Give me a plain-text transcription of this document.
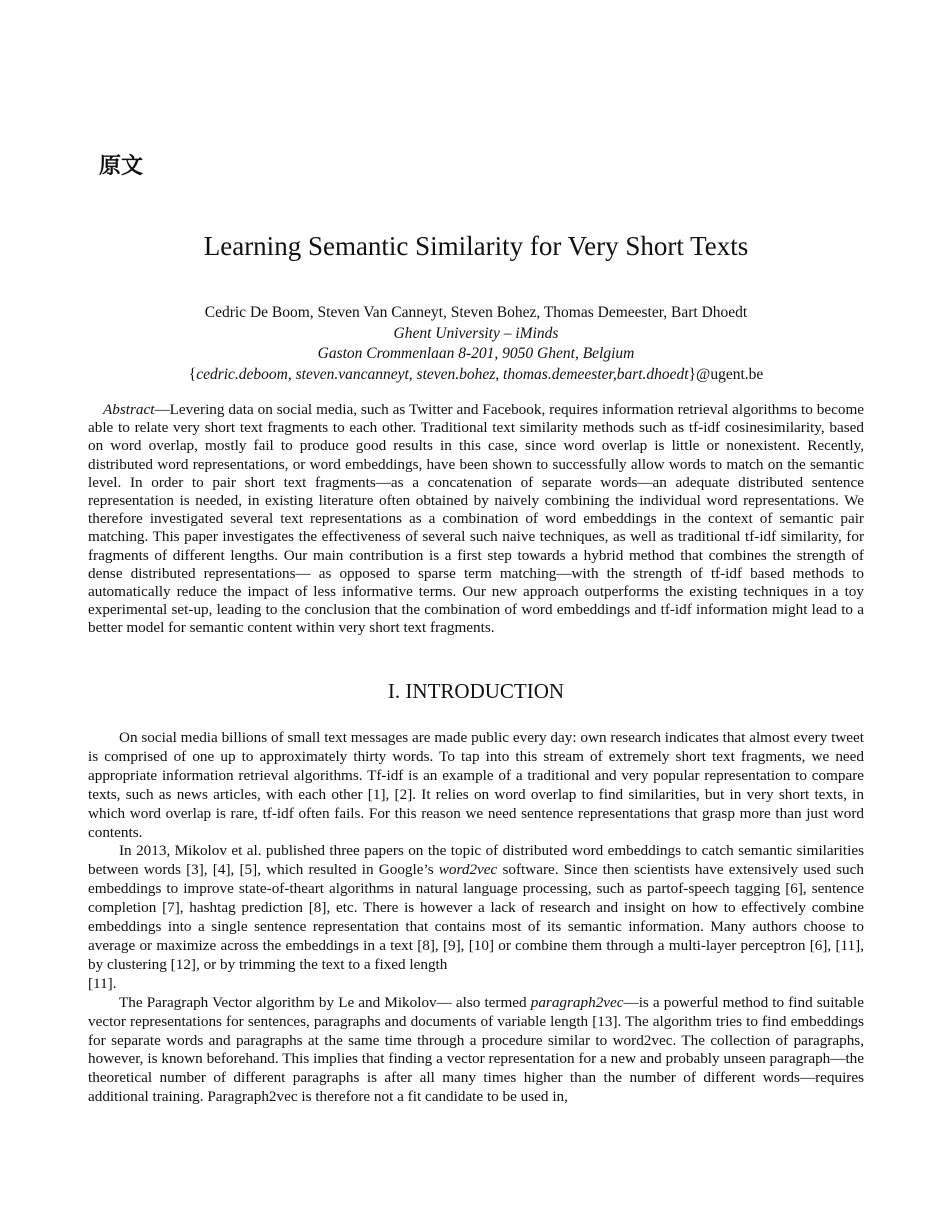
原文
Learning Semantic Similarity for Very Short Texts
Cedric De Boom, Steven Van Canneyt, Steven Bohez, Thomas Demeester, Bart Dhoedt
Ghent University – iMinds
Gaston Crommenlaan 8-201, 9050 Ghent, Belgium
{cedric.deboom, steven.vancanneyt, steven.bohez, thomas.demeester,bart.dhoedt}@ugent.be
Abstract—Levering data on social media, such as Twitter and Facebook, requires information retrieval algorithms to become able to relate very short text fragments to each other. Traditional text similarity methods such as tf-idf cosinesimilarity, based on word overlap, mostly fail to produce good results in this case, since word overlap is little or nonexistent. Recently, distributed word representations, or word embeddings, have been shown to successfully allow words to match on the semantic level. In order to pair short text fragments—as a concatenation of separate words—an adequate distributed sentence representation is needed, in existing literature often obtained by naively combining the individual word representations. We therefore investigated several text representations as a combination of word embeddings in the context of semantic pair matching. This paper investigates the effectiveness of several such naive techniques, as well as traditional tf-idf similarity, for fragments of different lengths. Our main contribution is a first step towards a hybrid method that combines the strength of dense distributed representations— as opposed to sparse term matching—with the strength of tf-idf based methods to automatically reduce the impact of less informative terms. Our new approach outperforms the existing techniques in a toy experimental set-up, leading to the conclusion that the combination of word embeddings and tf-idf information might lead to a better model for semantic content within very short text fragments.
I. INTRODUCTION

On social media billions of small text messages are made public every day: own research indicates that almost every tweet is comprised of one up to approximately thirty words. To tap into this stream of extremely short text fragments, we need appropriate information retrieval algorithms. Tf-idf is an example of a traditional and very popular representation to compare texts, such as news articles, with each other [1], [2]. It relies on word overlap to find similarities, but in very short texts, in which word overlap is rare, tf-idf often fails. For this reason we need sentence representations that grasp more than just word contents.

In 2013, Mikolov et al. published three papers on the topic of distributed word embeddings to catch semantic similarities between words [3], [4], [5], which resulted in Google’s word2vec software. Since then scientists have extensively used such embeddings to improve state-of-theart algorithms in natural language processing, such as partof-speech tagging [6], sentence completion [7], hashtag prediction [8], etc. There is however a lack of research and insight on how to effectively combine embeddings into a single sentence representation that contains most of its semantic information. Many authors choose to average or maximize across the embeddings in a text [8], [9], [10] or combine them through a multi-layer perceptron [6], [11], by clustering [12], or by trimming the text to a fixed length
[11].

The Paragraph Vector algorithm by Le and Mikolov— also termed paragraph2vec—is a powerful method to find suitable vector representations for sentences, paragraphs and documents of variable length [13]. The algorithm tries to find embeddings for separate words and paragraphs at the same time through a procedure similar to word2vec. The collection of paragraphs, however, is known beforehand. This implies that finding a vector representation for a new and probably unseen paragraph—the theoretical number of different paragraphs is after all many times higher than the number of different words—requires additional training. Paragraph2vec is therefore not a fit candidate to be used in,
